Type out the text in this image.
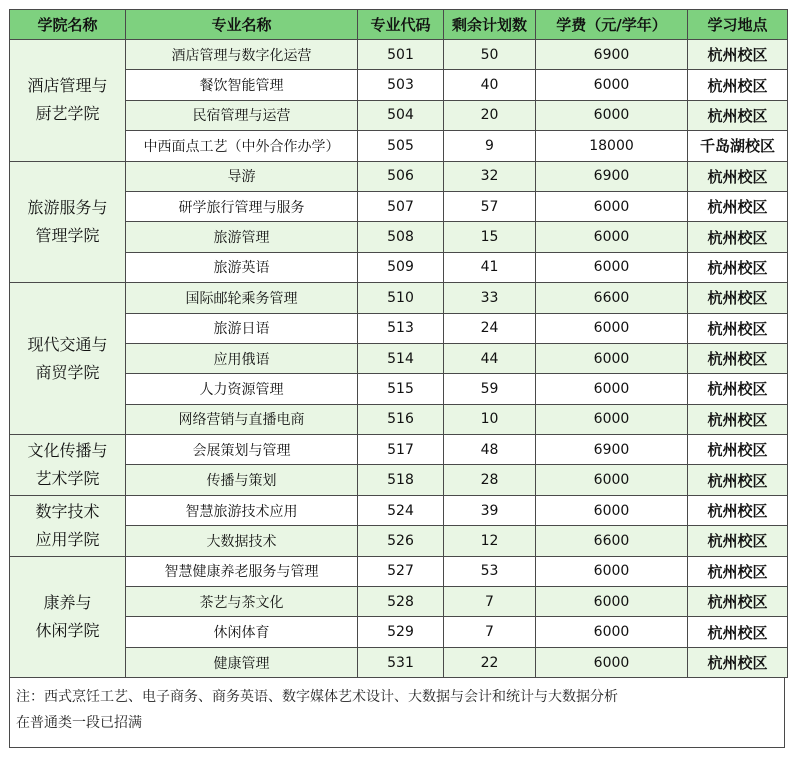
学院名称	专业名称	专业代码	剩余计划数	学费（元/学年）	学习地点

酒店管理与
厨艺学院	酒店管理与数字化运营	501	50	6900	杭州校区
	餐饮智能管理	503	40	6000	杭州校区
	民宿管理与运营	504	20	6000	杭州校区
	中西面点工艺（中外合作办学）	505	9	18000	千岛湖校区

旅游服务与
管理学院	导游	506	32	6900	杭州校区
	研学旅行管理与服务	507	57	6000	杭州校区
	旅游管理	508	15	6000	杭州校区
	旅游英语	509	41	6000	杭州校区

现代交通与
商贸学院	国际邮轮乘务管理	510	33	6600	杭州校区
	旅游日语	513	24	6000	杭州校区
	应用俄语	514	44	6000	杭州校区
	人力资源管理	515	59	6000	杭州校区
	网络营销与直播电商	516	10	6000	杭州校区

文化传播与
艺术学院	会展策划与管理	517	48	6900	杭州校区
	传播与策划	518	28	6000	杭州校区

数字技术
应用学院	智慧旅游技术应用	524	39	6000	杭州校区
	大数据技术	526	12	6600	杭州校区

康养与
休闲学院	智慧健康养老服务与管理	527	53	6000	杭州校区
	茶艺与茶文化	528	7	6000	杭州校区
	休闲体育	529	7	6000	杭州校区
	健康管理	531	22	6000	杭州校区
注：西式烹饪工艺、电子商务、商务英语、数字媒体艺术设计、大数据与会计和统计与大数据分析
在普通类一段已招满
